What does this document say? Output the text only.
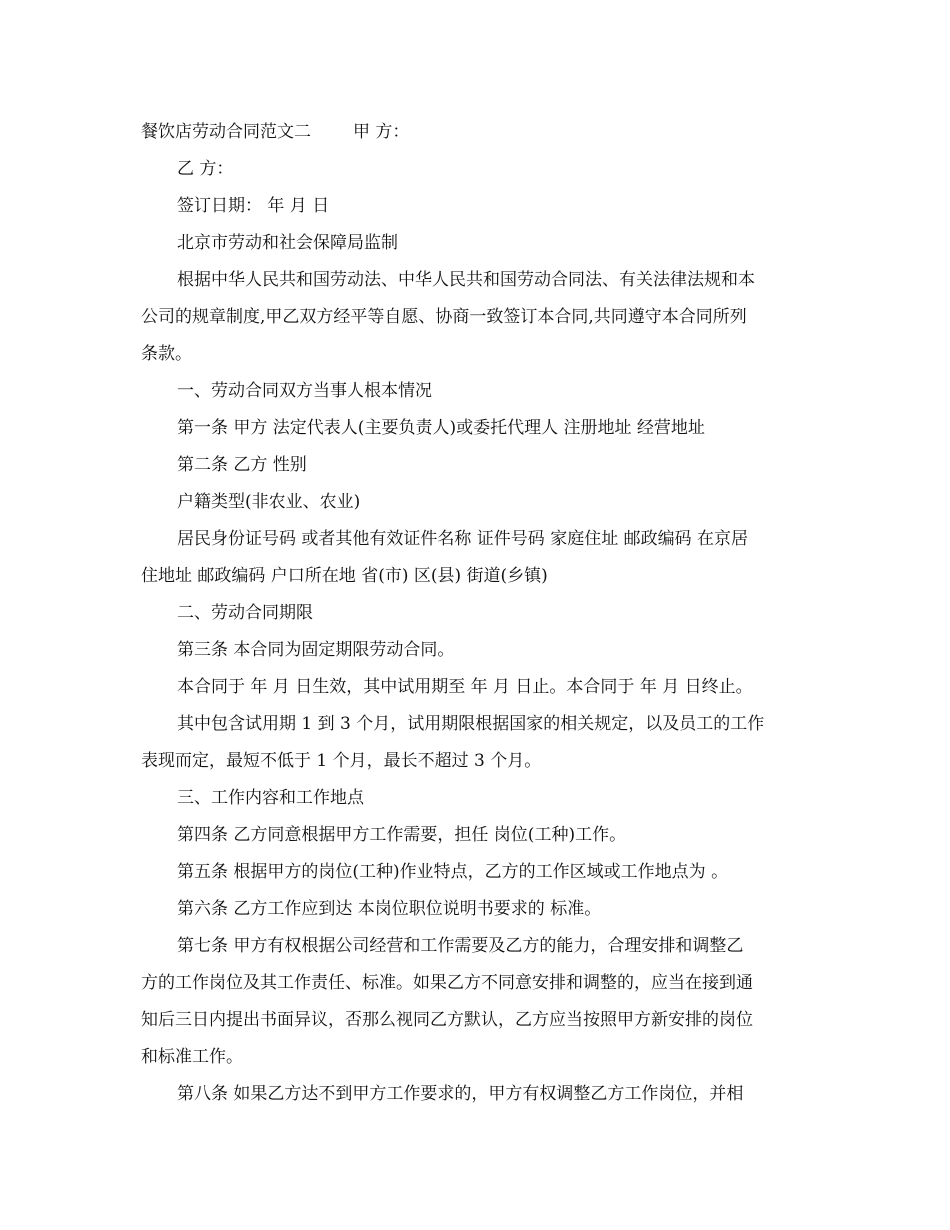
餐饮店劳动合同范文二 甲 方：

乙 方：

签订日期： 年 月 日

北京市劳动和社会保障局监制

根据中华人民共和国劳动法、中华人民共和国劳动合同法、有关法律法规和本

公司的规章制度,甲乙双方经平等自愿、协商一致签订本合同,共同遵守本合同所列

条款。

一、劳动合同双方当事人根本情况

第一条 甲方 法定代表人(主要负责人)或委托代理人 注册地址 经营地址

第二条 乙方 性别

户籍类型(非农业、农业)

居民身份证号码 或者其他有效证件名称 证件号码 家庭住址 邮政编码 在京居

住地址 邮政编码 户口所在地 省(市) 区(县) 街道(乡镇)

二、劳动合同期限

第三条 本合同为固定期限劳动合同。

本合同于 年 月 日生效，其中试用期至 年 月 日止。本合同于 年 月 日终止。

其中包含试用期 1 到 3 个月，试用期限根据国家的相关规定，以及员工的工作

表现而定，最短不低于 1 个月，最长不超过 3 个月。

三、工作内容和工作地点

第四条 乙方同意根据甲方工作需要，担任 岗位(工种)工作。

第五条 根据甲方的岗位(工种)作业特点，乙方的工作区域或工作地点为 。

第六条 乙方工作应到达 本岗位职位说明书要求的 标准。

第七条 甲方有权根据公司经营和工作需要及乙方的能力，合理安排和调整乙

方的工作岗位及其工作责任、标准。如果乙方不同意安排和调整的，应当在接到通

知后三日内提出书面异议，否那么视同乙方默认，乙方应当按照甲方新安排的岗位

和标准工作。

第八条 如果乙方达不到甲方工作要求的，甲方有权调整乙方工作岗位，并相
